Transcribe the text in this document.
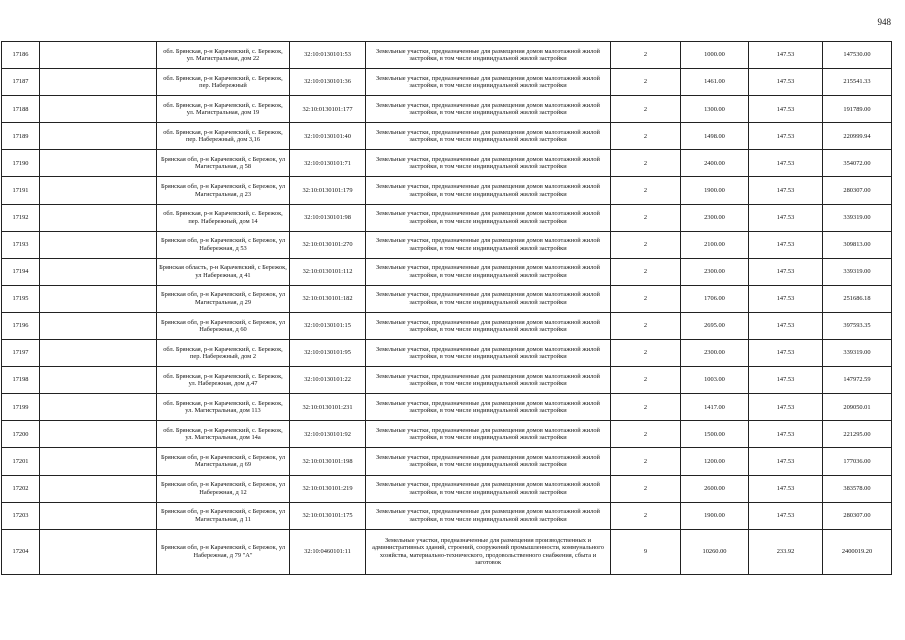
948
17186		обл. Брянская, р-н Карачевский, с. Бережок, ул. Магистральная, дом 22	32:10:0130101:53	Земельные участки, предназначенные для размещения домов малоэтажной жилой застройки, в том числе индивидуальной жилой застройки	2	1000.00	147.53	147530.00
17187		обл. Брянская, р-н Карачевский, с. Бережок, пер. Набережный	32:10:0130101:36	Земельные участки, предназначенные для размещения домов малоэтажной жилой застройки, в том числе индивидуальной жилой застройки	2	1461.00	147.53	215541.33
17188		обл. Брянская, р-н Карачевский, с. Бережок, ул. Магистральная, дом 19	32:10:0130101:177	Земельные участки, предназначенные для размещения домов малоэтажной жилой застройки, в том числе индивидуальной жилой застройки	2	1300.00	147.53	191789.00
17189		обл. Брянская, р-н Карачевский, с. Бережок, пер. Набережный, дом 3,16	32:10:0130101:40	Земельные участки, предназначенные для размещения домов малоэтажной жилой застройки, в том числе индивидуальной жилой застройки	2	1498.00	147.53	220999.94
17190		Брянская обл, р-н Карачевский, с Бережок, ул Магистральная, д 58	32:10:0130101:71	Земельные участки, предназначенные для размещения домов малоэтажной жилой застройки, в том числе индивидуальной жилой застройки	2	2400.00	147.53	354072.00
17191		Брянская обл, р-н Карачевский, с Бережок, ул Магистральная, д 23	32:10:0130101:179	Земельные участки, предназначенные для размещения домов малоэтажной жилой застройки, в том числе индивидуальной жилой застройки	2	1900.00	147.53	280307.00
17192		обл. Брянская, р-н Карачевский, с. Бережок, пер. Набережный, дом 14	32:10:0130101:98	Земельные участки, предназначенные для размещения домов малоэтажной жилой застройки, в том числе индивидуальной жилой застройки	2	2300.00	147.53	339319.00
17193		Брянская обл, р-н Карачевский, с Бережок, ул Набережная, д 53	32:10:0130101:270	Земельные участки, предназначенные для размещения домов малоэтажной жилой застройки, в том числе индивидуальной жилой застройки	2	2100.00	147.53	309813.00
17194		Брянская область, р-н Карачевский, с Бережок, ул Набережная, д 41	32:10:0130101:112	Земельные участки, предназначенные для размещения домов малоэтажной жилой застройки, в том числе индивидуальной жилой застройки	2	2300.00	147.53	339319.00
17195		Брянская обл, р-н Карачевский, с Бережок, ул Магистральная, д 29	32:10:0130101:182	Земельные участки, предназначенные для размещения домов малоэтажной жилой застройки, в том числе индивидуальной жилой застройки	2	1706.00	147.53	251686.18
17196		Брянская обл, р-н Карачевский, с Бережок, ул Набережная, д 60	32:10:0130101:15	Земельные участки, предназначенные для размещения домов малоэтажной жилой застройки, в том числе индивидуальной жилой застройки	2	2695.00	147.53	397593.35
17197		обл. Брянская, р-н Карачевский, с. Бережок, пер. Набережный, дом 2	32:10:0130101:95	Земельные участки, предназначенные для размещения домов малоэтажной жилой застройки, в том числе индивидуальной жилой застройки	2	2300.00	147.53	339319.00
17198		обл. Брянская, р-н Карачевский, с. Бережок, ул. Набережная, дом д.47	32:10:0130101:22	Земельные участки, предназначенные для размещения домов малоэтажной жилой застройки, в том числе индивидуальной жилой застройки	2	1003.00	147.53	147972.59
17199		обл. Брянская, р-н Карачевский, с. Бережок, ул. Магистральная, дом 113	32:10:0130101:231	Земельные участки, предназначенные для размещения домов малоэтажной жилой застройки, в том числе индивидуальной жилой застройки	2	1417.00	147.53	209050.01
17200		обл. Брянская, р-н Карачевский, с. Бережок, ул. Магистральная, дом 14а	32:10:0130101:92	Земельные участки, предназначенные для размещения домов малоэтажной жилой застройки, в том числе индивидуальной жилой застройки	2	1500.00	147.53	221295.00
17201		Брянская обл, р-н Карачевский, с Бережок, ул Магистральная, д 69	32:10:0130101:198	Земельные участки, предназначенные для размещения домов малоэтажной жилой застройки, в том числе индивидуальной жилой застройки	2	1200.00	147.53	177036.00
17202		Брянская обл, р-н Карачевский, с Бережок, ул Набережная, д 12	32:10:0130101:219	Земельные участки, предназначенные для размещения домов малоэтажной жилой застройки, в том числе индивидуальной жилой застройки	2	2600.00	147.53	383578.00
17203		Брянская обл, р-н Карачевский, с Бережок, ул Магистральная, д 11	32:10:0130101:175	Земельные участки, предназначенные для размещения домов малоэтажной жилой застройки, в том числе индивидуальной жилой застройки	2	1900.00	147.53	280307.00
17204		Брянская обл, р-н Карачевский, с Бережок, ул Набережная, д 79 "А"	32:10:0460101:11	Земельные участки, предназначенные для размещения производственных и административных зданий, строений, сооружений промышленности, коммунального хозяйства, материально-технического, продовольственного снабжения, сбыта и заготовок	9	10260.00	233.92	2400019.20
